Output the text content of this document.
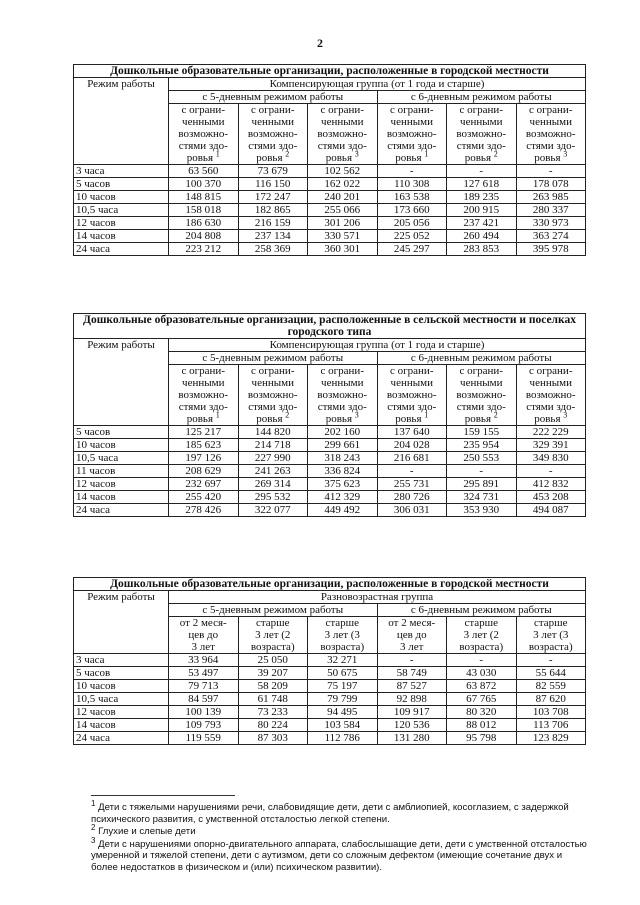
2
Дошкольные образовательные организации, расположенные в городской местности						
Режим работы	Компенсирующая группа (от 1 года и старше)					
	с 5-дневным режимом работы			с 6-дневным режимом работы		

	с ограни-
ченными
возможно-
стями здо-
ровья $^1$	с ограни-
ченными
возможно-
стями здо-
ровья $^2$	с ограни-
ченными
возможно-
стями здо-
ровья $^3$	с ограни-
ченными
возможно-
стями здо-
ровья $^1$	с ограни-
ченными
возможно-
стями здо-
ровья $^2$	с ограни-
ченными
возможно-
стями здо-
ровья $^3$

3 часа	63 560	73 679	102 562	-	-	-
5 часов	100 370	116 150	162 022	110 308	127 618	178 078
10 часов	148 815	172 247	240 201	163 538	189 235	263 985
10,5 часа	158 018	182 865	255 066	173 660	200 915	280 337
12 часов	186 630	216 159	301 206	205 056	237 421	330 973
14 часов	204 808	237 134	330 571	225 052	260 494	363 274
24 часа	223 212	258 369	360 301	245 297	283 853	395 978
Дошкольные образовательные организации, расположенные в сельской местности и поселках городского типа						
Режим работы	Компенсирующая группа (от 1 года и старше)					
	с 5-дневным режимом работы			с 6-дневным режимом работы		

	с ограни-
ченными
возможно-
стями здо-
ровья $^1$	с ограни-
ченными
возможно-
стями здо-
ровья $^2$	с ограни-
ченными
возможно-
стями здо-
ровья $^3$	с ограни-
ченными
возможно-
стями здо-
ровья $^1$	с ограни-
ченными
возможно-
стями здо-
ровья $^2$	с ограни-
ченными
возможно-
стями здо-
ровья $^3$

5 часов	125 217	144 820	202 160	137 640	159 155	222 229
10 часов	185 623	214 718	299 661	204 028	235 954	329 391
10,5 часа	197 126	227 990	318 243	216 681	250 553	349 830
11 часов	208 629	241 263	336 824	-	-	-
12 часов	232 697	269 314	375 623	255 731	295 891	412 832
14 часов	255 420	295 532	412 329	280 726	324 731	453 208
24 часа	278 426	322 077	449 492	306 031	353 930	494 087
Дошкольные образовательные организации, расположенные в городской местности						
Режим работы	Разновозрастная группа					
	с 5-дневным режимом работы			с 6-дневным режимом работы		

	от 2 меся-
цев до
3 лет	старше
3 лет (2
возраста)	старше
3 лет (3
возраста)	от 2 меся-
цев до
3 лет	старше
3 лет (2
возраста)	старше
3 лет (3
возраста)

3 часа	33 964	25 050	32 271	-	-	-
5 часов	53 497	39 207	50 675	58 749	43 030	55 644
10 часов	79 713	58 209	75 197	87 527	63 872	82 559
10,5 часа	84 597	61 748	79 799	92 898	67 765	87 620
12 часов	100 139	73 233	94 495	109 917	80 320	103 708
14 часов	109 793	80 224	103 584	120 536	88 012	113 706
24 часа	119 559	87 303	112 786	131 280	95 798	123 829
$^1$ Дети с тяжелыми нарушениями речи, слабовидящие дети, дети с амблиопией, косоглазием, с задержкой психического развития, с умственной отсталостью легкой степени.
$^2$ Глухие и слепые дети
$^3$ Дети с нарушениями опорно-двигательного аппарата, слабослышащие дети, дети с умственной отсталостью умеренной и тяжелой степени, дети с аутизмом, дети со сложным дефектом (имеющие сочетание двух и более недостатков в физическом и (или) психическом развитии).
